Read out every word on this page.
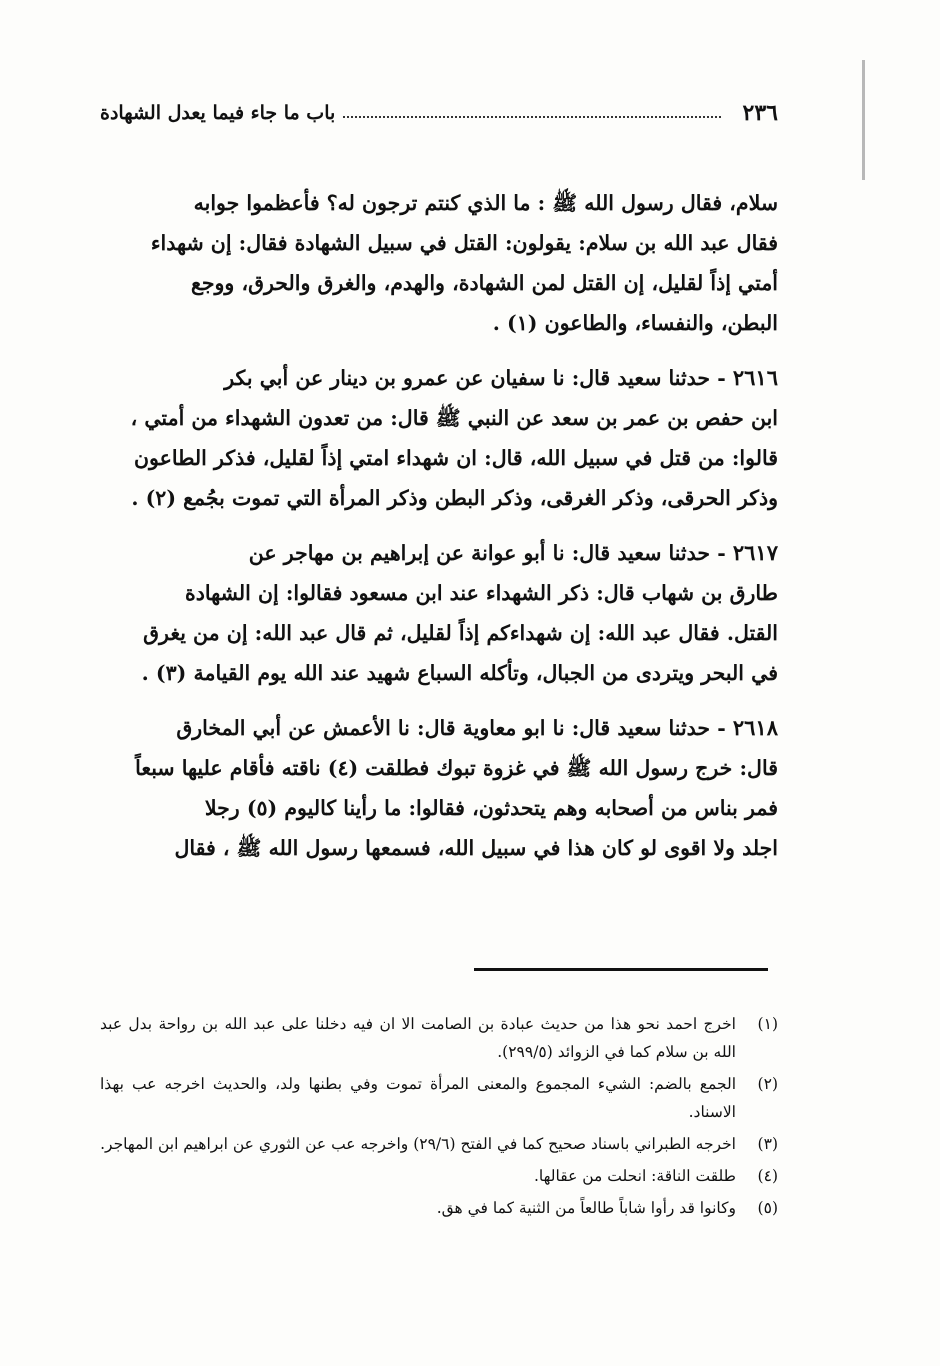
٢٣٦
باب ما جاء فيما يعدل الشهادة
سلام، فقال رسول الله ﷺ : ما الذي كنتم ترجون له؟ فأعظموا جوابه
فقال عبد الله بن سلام: يقولون: القتل في سبيل الشهادة فقال: إن شهداء
أمتي إذاً لقليل، إن القتل لمن الشهادة، والهدم، والغرق والحرق، ووجع
البطن، والنفساء، والطاعون (١) .
٢٦١٦ - حدثنا سعيد قال: نا سفيان عن عمرو بن دينار عن أبي بكر
ابن حفص بن عمر بن سعد عن النبي ﷺ قال: من تعدون الشهداء من أمتي ،
قالوا: من قتل في سبيل الله، قال: ان شهداء امتي إذاً لقليل، فذكر الطاعون
وذكر الحرقى، وذكر الغرقى، وذكر البطن وذكر المرأة التي تموت بجُمع (٢) .
٢٦١٧ - حدثنا سعيد قال: نا أبو عوانة عن إبراهيم بن مهاجر عن
طارق بن شهاب قال: ذكر الشهداء عند ابن مسعود فقالوا: إن الشهادة
القتل. فقال عبد الله: إن شهداءكم إذاً لقليل، ثم قال عبد الله: إن من يغرق
في البحر ويتردى من الجبال، وتأكله السباع شهيد عند الله يوم القيامة (٣) .
٢٦١٨ - حدثنا سعيد قال: نا ابو معاوية قال: نا الأعمش عن أبي المخارق
قال: خرج رسول الله ﷺ في غزوة تبوك فطلقت (٤) ناقته فأقام عليها سبعاً
فمر بناس من أصحابه وهم يتحدثون، فقالوا: ما رأينا كاليوم (٥) رجلا
اجلد ولا اقوى لو كان هذا في سبيل الله، فسمعها رسول الله ﷺ ، فقال
(١)
اخرج احمد نحو هذا من حديث عبادة بن الصامت الا ان فيه دخلنا على عبد الله بن رواحة بدل عبد الله بن سلام كما في الزوائد (٢٩٩/٥).
(٢)
الجمع بالضم: الشيء المجموع والمعنى المرأة تموت وفي بطنها ولد، والحديث اخرجه عب بهذا الاسناد.
(٣)
اخرجه الطبراني باسناد صحيح كما في الفتح (٢٩/٦) واخرجه عب عن الثوري عن ابراهيم ابن المهاجر.
(٤)
طلقت الناقة: انحلت من عقالها.
(٥)
وكانوا قد رأوا شاباً طالعاً من الثنية كما في هق.
